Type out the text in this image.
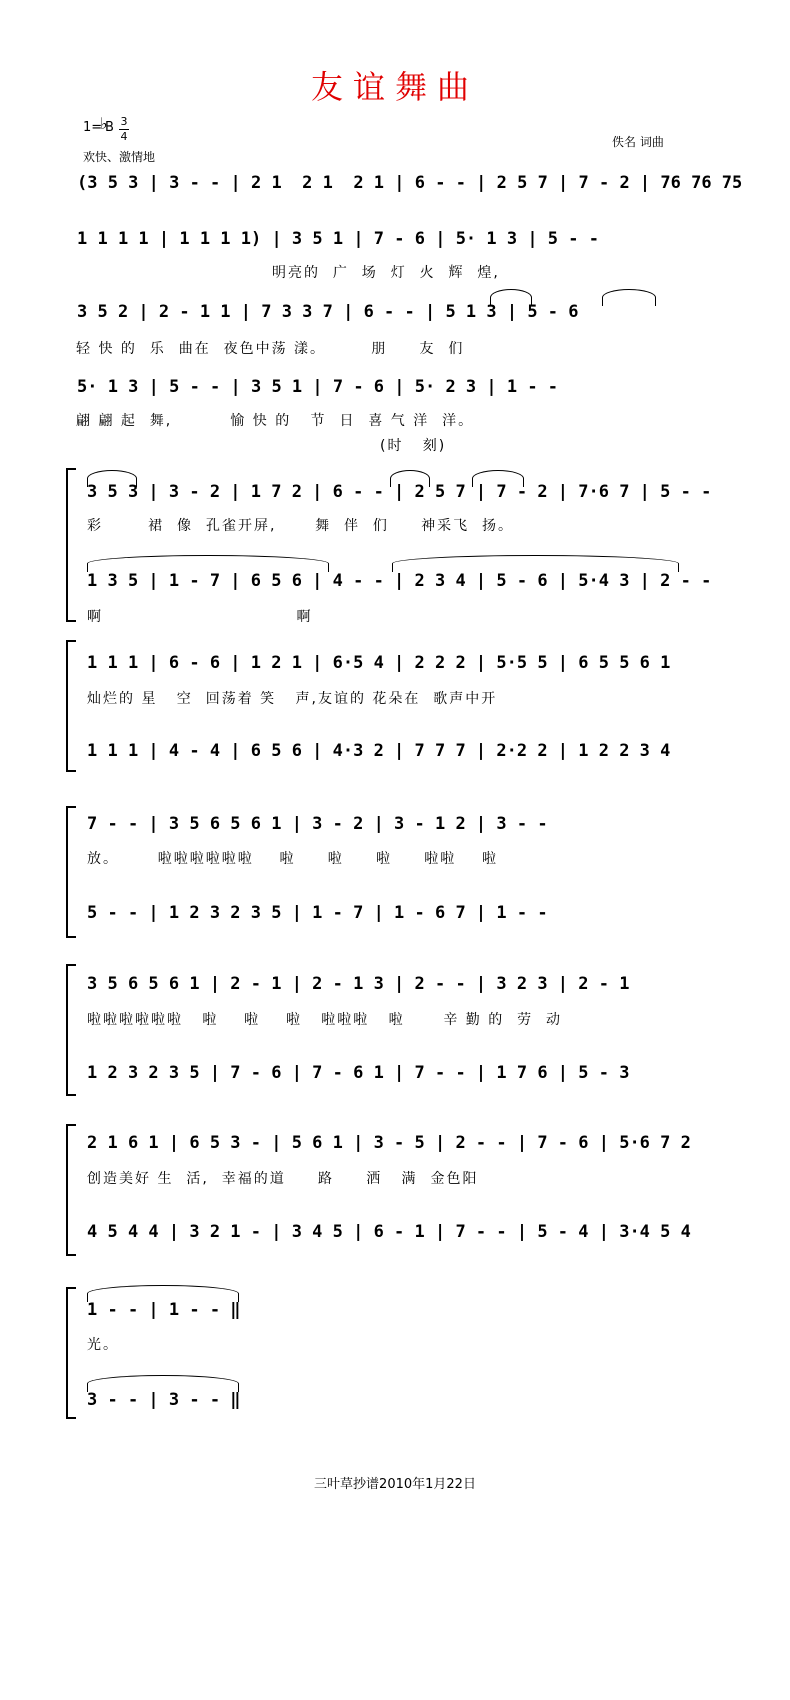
友谊舞曲
1=
♭
B 3
4
欢快、激情地
佚名 词曲
(3 5 3 | 3 - - | 2 1  2 1  2 1 | 6 - - | 2 5 7 | 7 - 2 | 76 76 75
1 1 1 1 | 1 1 1 1) | 3 5 1 | 7 - 6 | 5· 1 3 | 5 - -
明亮的  广  场  灯  火  辉  煌,
3 5 2 | 2 - 1 1 | 7 3 3 7 | 6 - - | 5 1 3 | 5 - 6
轻 快 的  乐  曲在  夜色中荡 漾。       朋     友  们
5· 1 3 | 5 - - | 3 5 1 | 7 - 6 | 5· 2 3 | 1 - -
翩 翩 起  舞,         愉 快 的   节  日  喜 气 洋  洋。
(时   刻)
3 5 3 | 3 - 2 | 1 7 2 | 6 - - | 2 5 7 | 7 - 2 | 7·6 7 | 5 - -
彩       裙  像  孔雀开屏,      舞  伴  们     神采飞  扬。
1 3 5 | 1 - 7 | 6 5 6 | 4 - - | 2 3 4 | 5 - 6 | 5·4 3 | 2 - -
啊                              啊
1 1 1 | 6 - 6 | 1 2 1 | 6·5 4 | 2 2 2 | 5·5 5 | 6 5 5 6 1
灿烂的 星   空  回荡着 笑   声,友谊的 花朵在  歌声中开
1 1 1 | 4 - 4 | 6 5 6 | 4·3 2 | 7 7 7 | 2·2 2 | 1 2 2 3 4
7 - - | 3 5 6 5 6 1 | 3 - 2 | 3 - 1 2 | 3 - -
放。      啦啦啦啦啦啦    啦     啦     啦     啦啦    啦
5 - - | 1 2 3 2 3 5 | 1 - 7 | 1 - 6 7 | 1 - -
3 5 6 5 6 1 | 2 - 1 | 2 - 1 3 | 2 - - | 3 2 3 | 2 - 1
啦啦啦啦啦啦   啦    啦    啦   啦啦啦   啦      辛 勤 的  劳  动
1 2 3 2 3 5 | 7 - 6 | 7 - 6 1 | 7 - - | 1 7 6 | 5 - 3
2 1 6 1 | 6 5 3 - | 5 6 1 | 3 - 5 | 2 - - | 7 - 6 | 5·6 7 2
创造美好 生  活,  幸福的道     路     洒   满  金色阳
4 5 4 4 | 3 2 1 - | 3 4 5 | 6 - 1 | 7 - - | 5 - 4 | 3·4 5 4
1 - - | 1 - - ‖
光。
3 - - | 3 - - ‖
三叶草抄谱2010年1月22日
